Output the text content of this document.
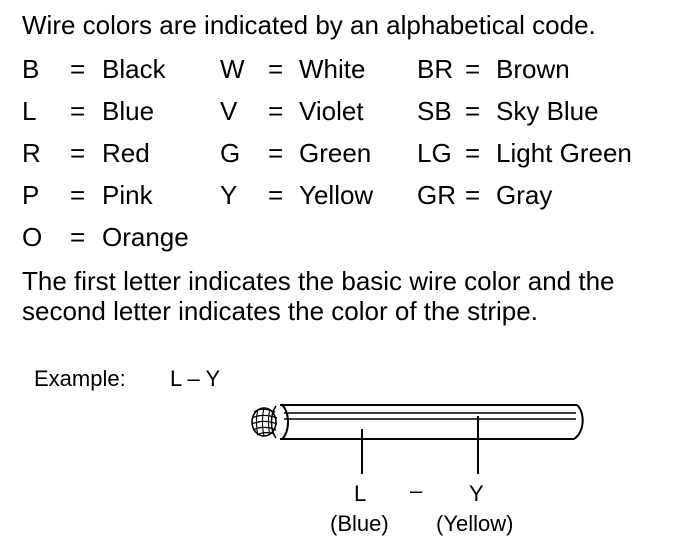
Wire colors are indicated by an alphabetical code.
B = Black W = White BR = Brown
L = Blue	V = Violet SB = Sky Blue
R = Red	G = Green LG = Light Green
P = Pink	Y = Yellow GR = Gray
O = Orange
The first letter indicates the basic wire color and the
second letter indicates the color of the stripe.
Example: L – Y
L – Y
(Blue) (Yellow)
